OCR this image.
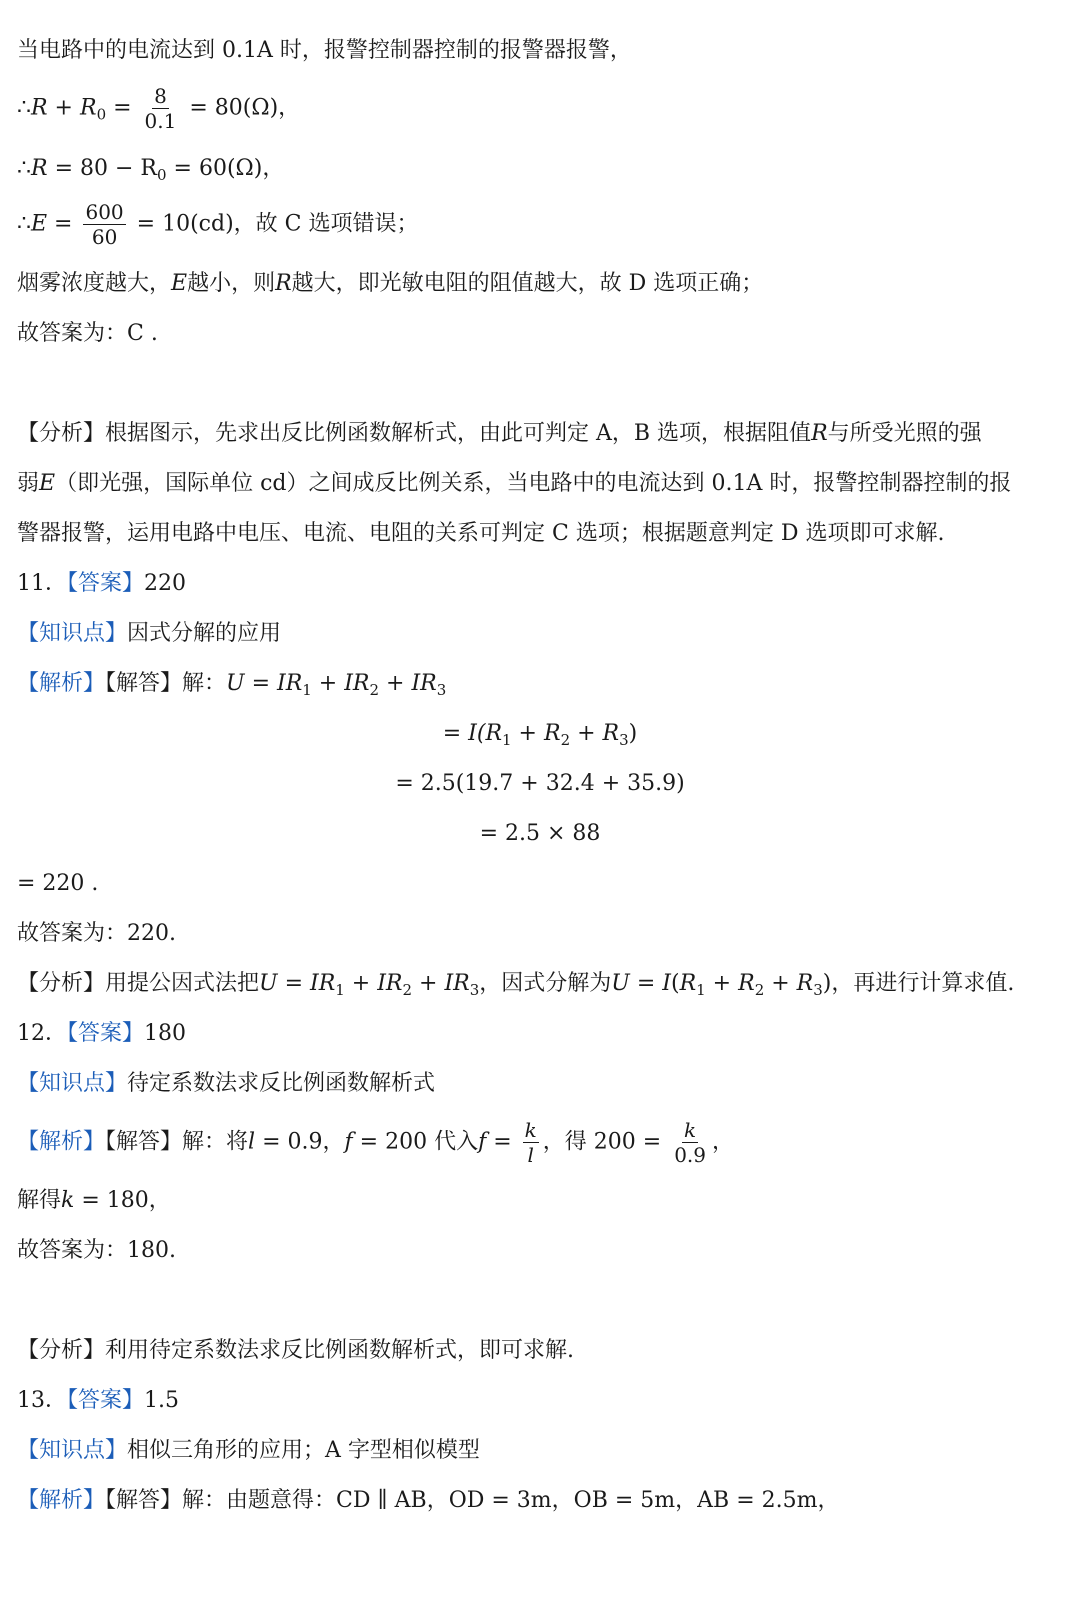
当电路中的电流达到 0.1A 时，报警控制器控制的报警器报警，
∴R + $R_0 = \frac{8}{0.1} = 80(\Omega)$，
∴R = $80 - R_0 = 60(\Omega)$，
∴E = $\frac{600}{60} = 10(cd)$，故 C 选项错误；
烟雾浓度越大，E越小，则R越大，即光敏电阻的阻值越大，故 D 选项正确；
故答案为：C .
【分析】根据图示，先求出反比例函数解析式，由此可判定 A，B 选项，根据阻值R与所受光照的强
弱E（即光强，国际单位 cd）之间成反比例关系，当电路中的电流达到 0.1A 时，报警控制器控制的报
警器报警，运用电路中电压、电流、电阻的关系可判定 C 选项；根据题意判定 D 选项即可求解.
11．【答案】220
【知识点】因式分解的应用
【解析】【解答】解：$U = IR_1 + IR_2 + IR_3$
= $I(R_1 + R_2 + R_3)$
= 2.5(19.7 + 32.4 + 35.9)
= 2.5 × 88
= 220 .
故答案为：220.
【分析】用提公因式法把$U = IR_1 + IR_2 + IR_3$，因式分解为$U = I(R_1 + R_2 + R_3)$，再进行计算求值.
12．【答案】180
【知识点】待定系数法求反比例函数解析式
【解析】【解答】解：将l = 0.9，f = 200 代入$f = \frac{k}{l}$ ，得 $200 = \frac{k}{0.9}$ ，
解得k = 180，
故答案为：180.
【分析】利用待定系数法求反比例函数解析式，即可求解.
13．【答案】1.5
【知识点】相似三角形的应用；A 字型相似模型
【解析】【解答】解：由题意得：CD ∥ AB，OD = 3m，OB = 5m，AB = 2.5m，
